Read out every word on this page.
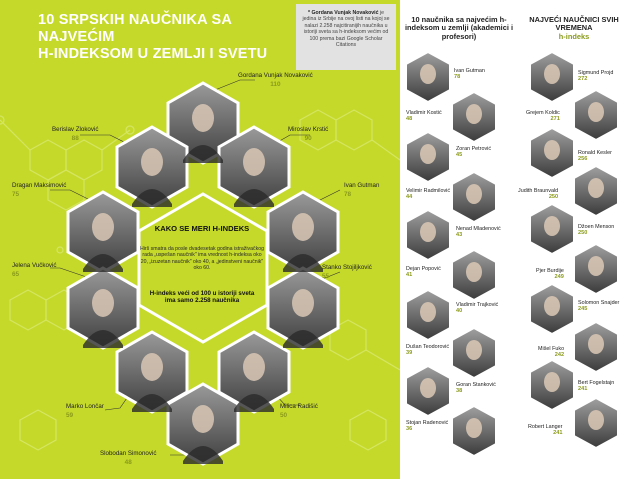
10 SRPSKIH NAUČNIKA SA NAJVEĆIM
H-INDEKSOM U ZEMLJI I SVETU
* Gordana Vunjak Novaković je jedina iz Srbije na ovoj listi na kojoj se nalazi 2.258 najcitiranijih naučnika u istoriji sveta sa h-indeksom većim od 100 prema bazi Google Scholar Citations
Gordana Vunjak Novaković
110
Berislav Zloković
88
Miroslav Krstić
90
Dragan Maksimović
75
Ivan Gutman
78
Jelena Vučković
65
Stanko Stojiljković
55
Marko Lončar
59
Milica Radišić
50
Slobodan Simonović
48
KAKO SE MERI H-INDEKS
Hirš smatra da posle dvadesetak godina istraživačkog rada „uspešan naučnik" ima vrednost h-indeksa oko 20, „izuzetan naučnik" oko 40, a „jedinstveni naučnik" oko 60.
H-indeks veći od 100 u istoriji sveta ima samo 2.258 naučnika
10 naučnika sa najvećim h-indeksom u zemlji (akademici i profesori)
NAJVEĆI NAUČNICI SVIH VREMENA
h-indeks
Ivan Gutman
78
Vladimir Kostić
48
Zoran Petrović
45
Velimir Radmilović
44
Nenad Mladenović
43
Dejan Popović
41
Vladimir Trajković
40
Dušan Teodorović
39
Goran Stanković
38
Stojan Radenović
36
Sigmund Projd
272
Grejem Koldic
271
Ronald Kesler
256
Judith Braunvald
250
Džoen Menson
250
Pjer Burdije
249
Solomon Snajder
245
Mišel Fuko
242
Bert Fogelstajn
241
Robert Langer
241
